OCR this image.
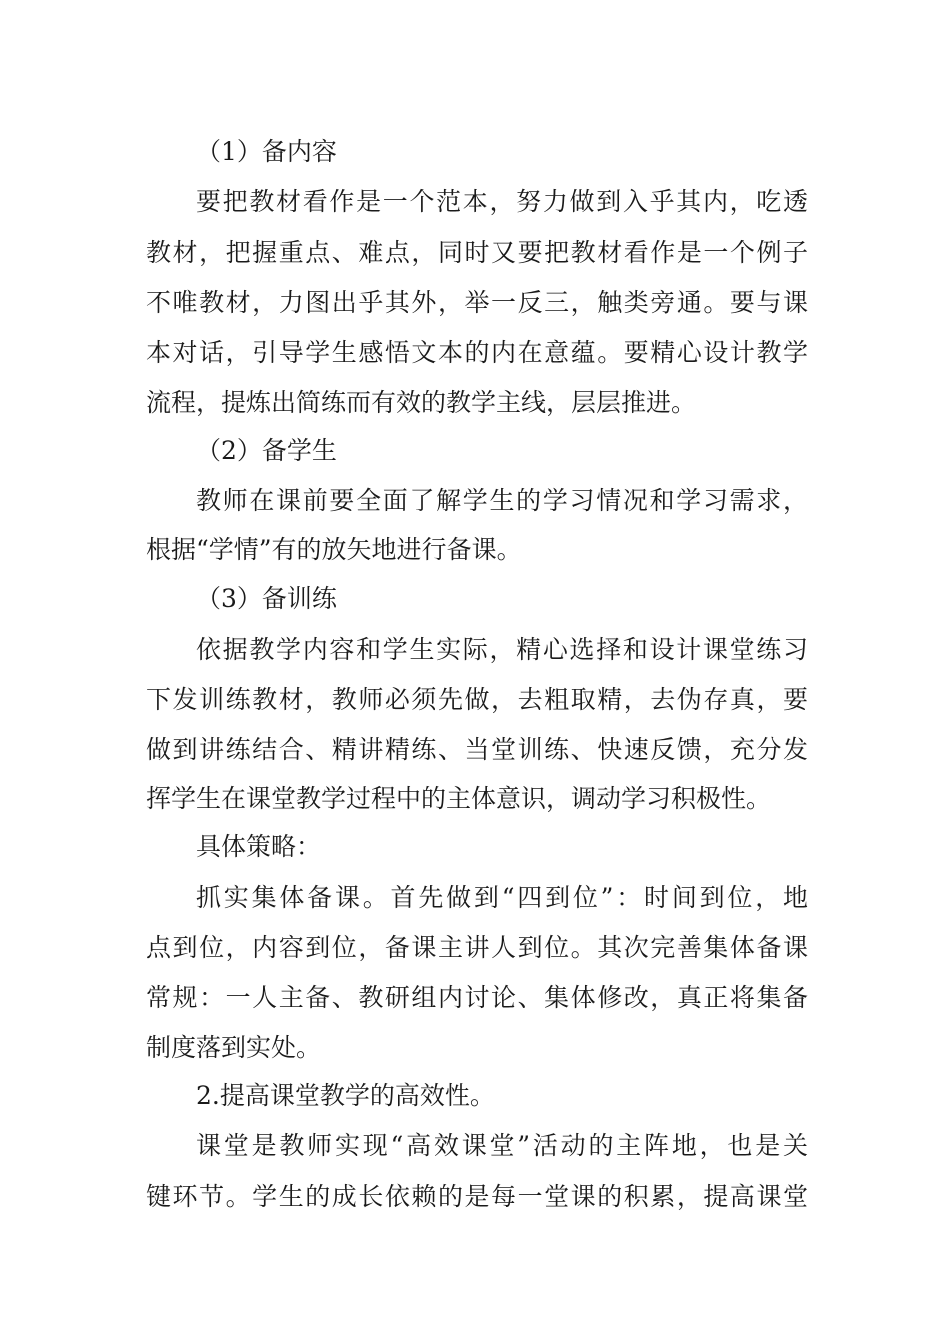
（1）备内容
要把教材看作是一个范本，努力做到入乎其内，吃透
教材，把握重点、难点，同时又要把教材看作是一个例子
不唯教材，力图出乎其外，举一反三，触类旁通。要与课
本对话，引导学生感悟文本的内在意蕴。要精心设计教学
流程，提炼出简练而有效的教学主线，层层推进。
（2）备学生
教师在课前要全面了解学生的学习情况和学习需求，
根据“学情”有的放矢地进行备课。
（3）备训练
依据教学内容和学生实际，精心选择和设计课堂练习
下发训练教材，教师必须先做，去粗取精，去伪存真，要
做到讲练结合、精讲精练、当堂训练、快速反馈，充分发
挥学生在课堂教学过程中的主体意识，调动学习积极性。
具体策略：
抓实集体备课。首先做到“四到位”：时间到位，地
点到位，内容到位，备课主讲人到位。其次完善集体备课
常规：一人主备、教研组内讨论、集体修改，真正将集备
制度落到实处。
2.提高课堂教学的高效性。
课堂是教师实现“高效课堂”活动的主阵地，也是关
键环节。学生的成长依赖的是每一堂课的积累，提高课堂
